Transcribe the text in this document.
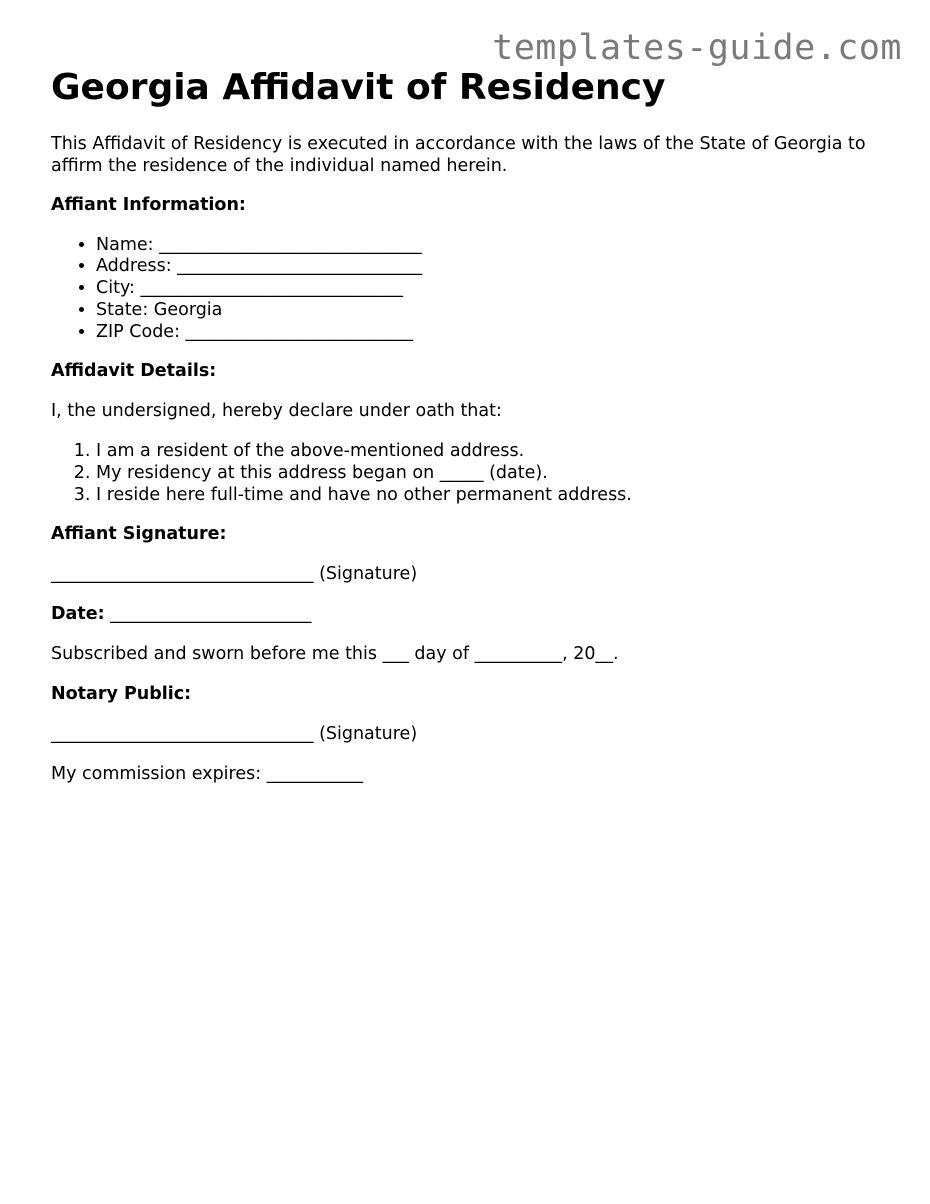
templates-guide.com
Georgia Affidavit of Residency

This Affidavit of Residency is executed in accordance with the laws of the State of Georgia to affirm the residence of the individual named herein.

Affiant Information:

• Name: ______________________________
• Address: ____________________________
• City: ______________________________
• State: Georgia
• ZIP Code: __________________________

Affidavit Details:

I, the undersigned, hereby declare under oath that:

1. I am a resident of the above-mentioned address.
2. My residency at this address began on _____ (date).
3. I reside here full-time and have no other permanent address.

Affiant Signature:

______________________________ (Signature)

Date: _______________________

Subscribed and sworn before me this ___ day of __________, 20__.

Notary Public:

______________________________ (Signature)

My commission expires: ___________
